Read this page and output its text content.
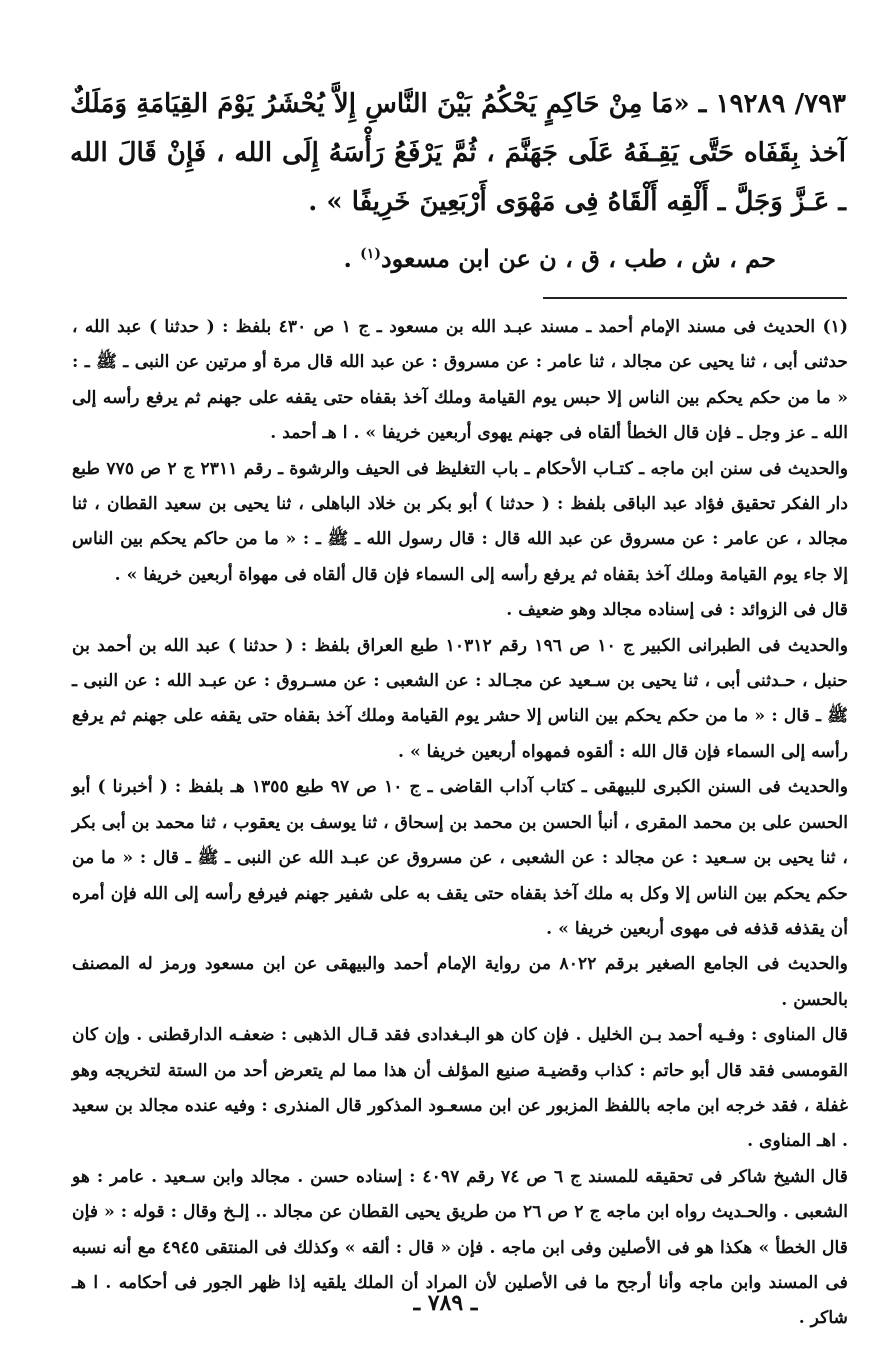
٧٩٣/ ١٩٢٨٩ ـ «مَا مِنْ حَاكِمٍ يَحْكُمُ بَيْنَ النَّاسِ إِلاَّ يُحْشَرُ يَوْمَ القِيَامَةِ وَمَلَكٌ آخذ بِقَفَاه حَتَّى يَقِـفَهُ عَلَى جَهَنَّمَ ، ثُمَّ يَرْفَعُ رَأْسَهُ إِلَى الله ، فَإِنْ قَالَ الله ـ عَـزَّ وَجَلَّ ـ أَلْقِه أَلْقَاهُ فِى مَهْوَى أَرْبَعِينَ خَرِيفًا » .

حم ، ش ، طب ، ق ، ن عن ابن مسعود$^{(١)}$ .

(١) الحديث فى مسند الإمام أحمد ـ مسند عبـد الله بن مسعود ـ ج ١ ص ٤٣٠ بلفظ : ( حدثنا ) عبد الله ، حدثنى أبى ، ثنا يحيى عن مجالد ، ثنا عامر : عن مسروق : عن عبد الله قال مرة أو مرتين عن النبى ـ ﷺ ـ : « ما من حكم يحكم بين الناس إلا حبس يوم القيامة وملك آخذ بقفاه حتى يقفه على جهنم ثم يرفع رأسه إلى الله ـ عز وجل ـ فإن قال الخطأ ألقاه فى جهنم يهوى أربعين خريفا » . ا هـ أحمد .

والحديث فى سنن ابن ماجه ـ كتـاب الأحكام ـ باب التغليظ فى الحيف والرشوة ـ رقم ٢٣١١ ج ٢ ص ٧٧٥ طبع دار الفكر تحقيق فؤاد عبد الباقى بلفظ : ( حدثنا ) أبو بكر بن خلاد الباهلى ، ثنا يحيى بن سعيد القطان ، ثنا مجالد ، عن عامر : عن مسروق عن عبد الله قال : قال رسول الله ـ ﷺ ـ : « ما من حاكم يحكم بين الناس إلا جاء يوم القيامة وملك آخذ بقفاه ثم يرفع رأسه إلى السماء فإن قال ألقاه فى مهواة أربعين خريفا » .

قال فى الزوائد : فى إسناده مجالد وهو ضعيف .

والحديث فى الطبرانى الكبير ج ١٠ ص ١٩٦ رقم ١٠٣١٢ طبع العراق بلفظ : ( حدثنا ) عبد الله بن أحمد بن حنبل ، حـدثنى أبى ، ثنا يحيى بن سـعيد عن مجـالد : عن الشعبى : عن مسـروق : عن عبـد الله : عن النبى ـ ﷺ ـ قال : « ما من حكم يحكم بين الناس إلا حشر يوم القيامة وملك آخذ بقفاه حتى يقفه على جهنم ثم يرفع رأسه إلى السماء فإن قال الله : ألقوه فمهواه أربعين خريفا » .

والحديث فى السنن الكبرى للبيهقى ـ كتاب آداب القاضى ـ ج ١٠ ص ٩٧ طبع ١٣٥٥ هـ بلفظ : ( أخبرنا ) أبو الحسن على بن محمد المقرى ، أنبأ الحسن بن محمد بن إسحاق ، ثنا يوسف بن يعقوب ، ثنا محمد بن أبى بكر ، ثنا يحيى بن سـعيد : عن مجالد : عن الشعبى ، عن مسروق عن عبـد الله عن النبى ـ ﷺ ـ قال : « ما من حكم يحكم بين الناس إلا وكل به ملك آخذ بقفاه حتى يقف به على شفير جهنم فيرفع رأسه إلى الله فإن أمره أن يقذفه قذفه فى مهوى أربعين خريفا » .

والحديث فى الجامع الصغير برقم ٨٠٢٢ من رواية الإمام أحمد والبيهقى عن ابن مسعود ورمز له المصنف بالحسن .

قال المناوى : وفـيه أحمد بـن الخليل . فإن كان هو البـغدادى فقد قـال الذهبى : ضعفـه الدارقطنى . وإن كان القومسى فقد قال أبو حاتم : كذاب وقضيـة صنيع المؤلف أن هذا مما لم يتعرض أحد من الستة لتخريجه وهو غفلة ، فقد خرجه ابن ماجه باللفظ المزبور عن ابن مسعـود المذكور قال المنذرى : وفيه عنده مجالد بن سعيد . اهـ المناوى .

قال الشيخ شاكر فى تحقيقه للمسند ج ٦ ص ٧٤ رقم ٤٠٩٧ : إسناده حسن . مجالد وابن سـعيد . عامر : هو الشعبى . والحـديث رواه ابن ماجه ج ٢ ص ٢٦ من طريق يحيى القطان عن مجالد .. إلـخ وقال : قوله : « فإن قال الخطأ » هكذا هو فى الأصلين وفى ابن ماجه . فإن « قال : ألقه » وكذلك فى المنتقى ٤٩٤٥ مع أنه نسبه فى المسند وابن ماجه وأنا أرجح ما فى الأصلين لأن المراد أن الملك يلقيه إذا ظهر الجور فى أحكامه . ا هـ شاكر .

ـ ٧٨٩ ـ
